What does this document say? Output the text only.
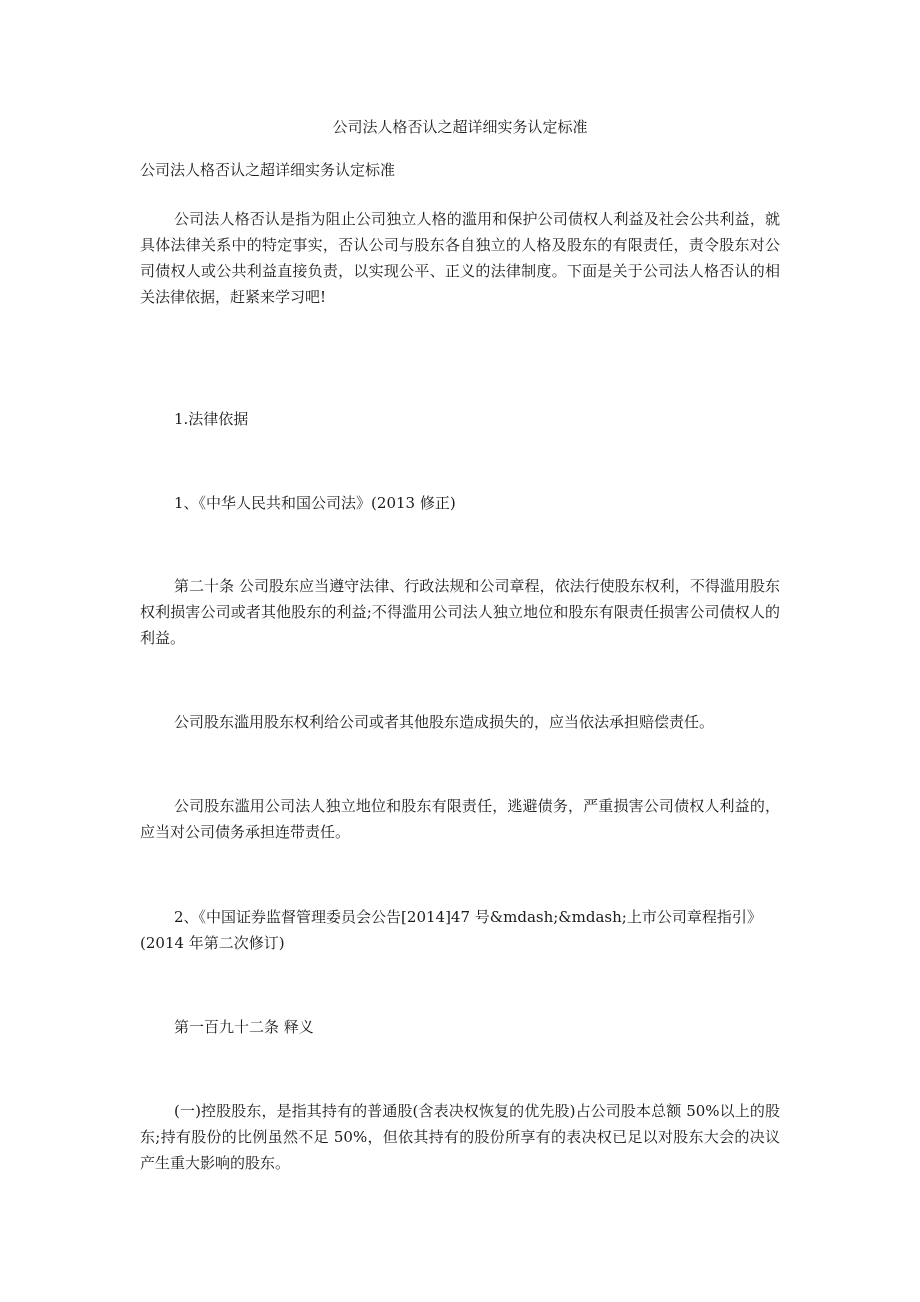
公司法人格否认之超详细实务认定标准
公司法人格否认之超详细实务认定标准

公司法人格否认是指为阻止公司独立人格的滥用和保护公司债权人利益及社会公共利益，就具体法律关系中的特定事实，否认公司与股东各自独立的人格及股东的有限责任，责令股东对公司债权人或公共利益直接负责，以实现公平、正义的法律制度。下面是关于公司法人格否认的相关法律依据，赶紧来学习吧!

1.法律依据
1、《中华人民共和国公司法》(2013 修正)

第二十条 公司股东应当遵守法律、行政法规和公司章程，依法行使股东权利，不得滥用股东权利损害公司或者其他股东的利益;不得滥用公司法人独立地位和股东有限责任损害公司债权人的利益。

公司股东滥用股东权利给公司或者其他股东造成损失的，应当依法承担赔偿责任。

公司股东滥用公司法人独立地位和股东有限责任，逃避债务，严重损害公司债权人利益的，应当对公司债务承担连带责任。

2、《中国证券监督管理委员会公告[2014]47 号&mdash;&mdash;上市公司章程指引》
(2014 年第二次修订)
第一百九十二条 释义

(一)控股股东，是指其持有的普通股(含表决权恢复的优先股)占公司股本总额 50%以上的股东;持有股份的比例虽然不足 50%，但依其持有的股份所享有的表决权已足以对股东大会的决议产生重大影响的股东。
